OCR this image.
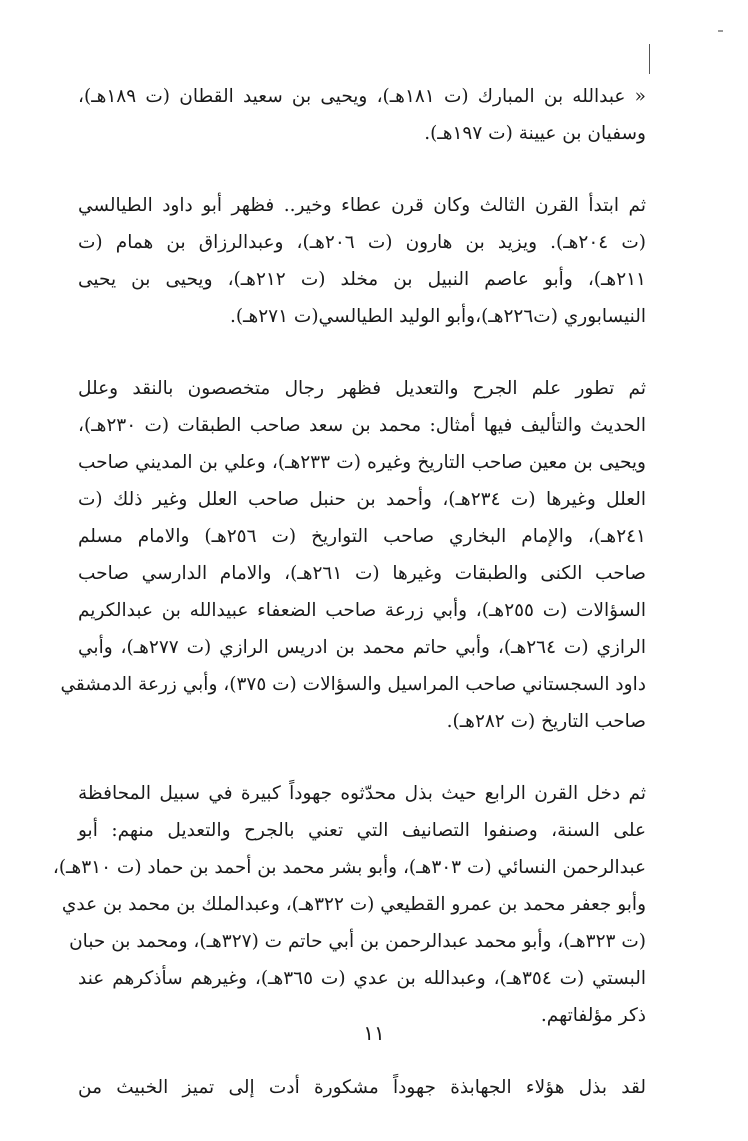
« عبدالله بن المبارك (ت ١٨١هـ)، ويحيى بن سعيد القطان (ت ١٨٩هـ)،
وسفيان بن عيينة (ت ١٩٧هـ).
ثم ابتدأ القرن الثالث وكان قرن عطاء وخير.. فظهر أبو داود الطيالسي
(ت ٢٠٤هـ). ويزيد بن هارون (ت ٢٠٦هـ)، وعبدالرزاق بن همام (ت
٢١١هـ)، وأبو عاصم النبيل بن مخلد (ت ٢١٢هـ)، ويحيى بن يحيى
النيسابوري (ت٢٢٦هـ)،وأبو الوليد الطيالسي(ت ٢٧١هـ).
ثم تطور علم الجرح والتعديل فظهر رجال متخصصون بالنقد وعلل
الحديث والتأليف فيها أمثال: محمد بن سعد صاحب الطبقات (ت ٢٣٠هـ)،
ويحيى بن معين صاحب التاريخ وغيره (ت ٢٣٣هـ)، وعلي بن المديني صاحب
العلل وغيرها (ت ٢٣٤هـ)، وأحمد بن حنبل صاحب العلل وغير ذلك (ت
٢٤١هـ)، والإمام البخاري صاحب التواريخ (ت ٢٥٦هـ) والامام مسلم
صاحب الكنى والطبقات وغيرها (ت ٢٦١هـ)، والامام الدارسي صاحب
السؤالات (ت ٢٥٥هـ)، وأبي زرعة صاحب الضعفاء عبيدالله بن عبدالكريم
الرازي (ت ٢٦٤هـ)، وأبي حاتم محمد بن ادريس الرازي (ت ٢٧٧هـ)، وأبي
داود السجستاني صاحب المراسيل والسؤالات (ت ٣٧٥)، وأبي زرعة الدمشقي
صاحب التاريخ (ت ٢٨٢هـ).
ثم دخل القرن الرابع حيث بذل محدّثوه جهوداً كبيرة في سبيل المحافظة
على السنة، وصنفوا التصانيف التي تعني بالجرح والتعديل منهم: أبو
عبدالرحمن النسائي (ت ٣٠٣هـ)، وأبو بشر محمد بن أحمد بن حماد (ت ٣١٠هـ)،
وأبو جعفر محمد بن عمرو القطيعي (ت ٣٢٢هـ)، وعبدالملك بن محمد بن عدي
(ت ٣٢٣هـ)، وأبو محمد عبدالرحمن بن أبي حاتم ت (٣٢٧هـ)، ومحمد بن حبان
البستي (ت ٣٥٤هـ)، وعبدالله بن عدي (ت ٣٦٥هـ)، وغيرهم سأذكرهم عند
ذكر مؤلفاتهم.
لقد بذل هؤلاء الجهابذة جهوداً مشكورة أدت إلى تميز الخبيث من
١١
